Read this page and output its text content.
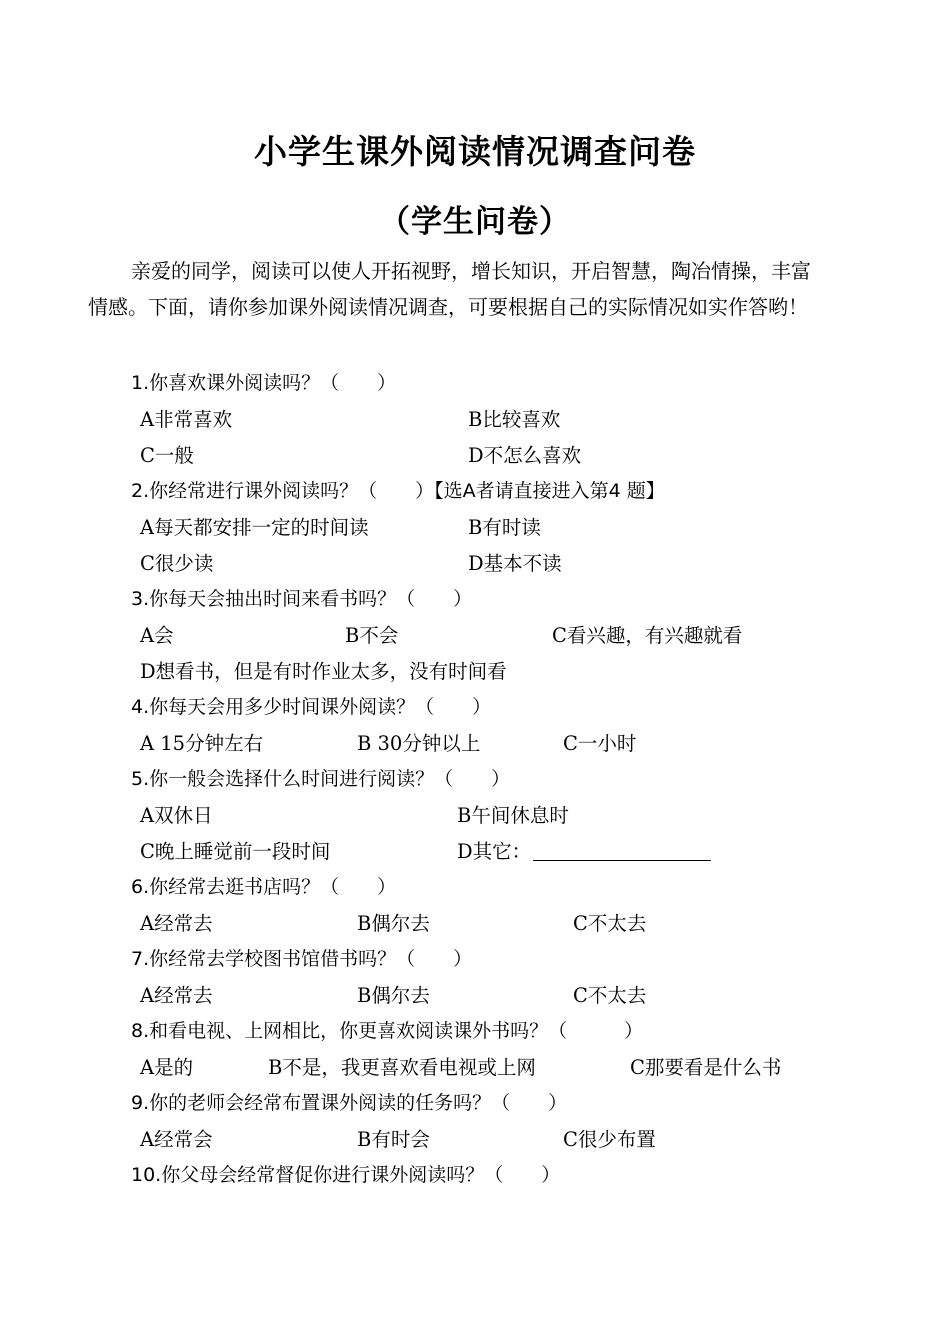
小学生课外阅读情况调查问卷
（学生问卷）
亲爱的同学，阅读可以使人开拓视野，增长知识，开启智慧，陶冶情操，丰富
情感。下面，请你参加课外阅读情况调查，可要根据自己的实际情况如实作答哟！
1.你喜欢课外阅读吗？（　　）
A非常喜欢	B比较喜欢
C一般	D不怎么喜欢
2.你经常进行课外阅读吗？（　　）【选A者请直接进入第4 题】
A每天都安排一定的时间读	B有时读
C很少读	D基本不读
3.你每天会抽出时间来看书吗？（　　）
A会	B不会	C看兴趣，有兴趣就看
D想看书，但是有时作业太多，没有时间看
4.你每天会用多少时间课外阅读？（　　）
A 15分钟左右	B 30分钟以上	C一小时
5.你一般会选择什么时间进行阅读？（　　）
A双休日	B午间休息时
C晚上睡觉前一段时间	D其它：
6.你经常去逛书店吗？（　　）
A经常去	B偶尔去	C不太去
7.你经常去学校图书馆借书吗？（　　）
A经常去	B偶尔去	C不太去
8.和看电视、上网相比，你更喜欢阅读课外书吗？（　　　）
A是的	B不是，我更喜欢看电视或上网	C那要看是什么书
9.你的老师会经常布置课外阅读的任务吗？（　　）
A经常会	B有时会	C很少布置
10.你父母会经常督促你进行课外阅读吗？（　　）
